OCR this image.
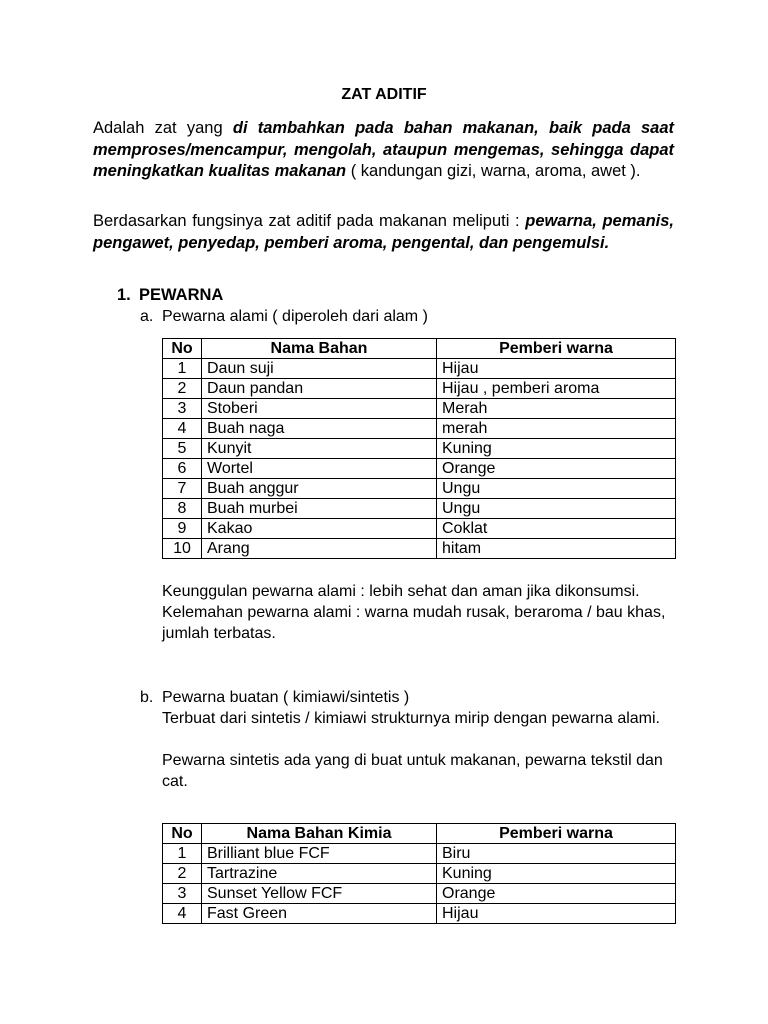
ZAT ADITIF

Adalah zat yang di tambahkan pada bahan makanan, baik pada saat memproses/mencampur, mengolah, ataupun mengemas, sehingga dapat meningkatkan kualitas makanan ( kandungan gizi, warna, aroma, awet ).

Berdasarkan fungsinya zat aditif pada makanan meliputi : pewarna, pemanis, pengawet, penyedap, pemberi aroma, pengental, dan pengemulsi.

1. PEWARNA
a. Pewarna alami ( diperoleh dari alam )
No	Nama Bahan	Pemberi warna
1	Daun suji	Hijau
2	Daun pandan	Hijau , pemberi aroma
3	Stoberi	Merah
4	Buah naga	merah
5	Kunyit	Kuning
6	Wortel	Orange
7	Buah anggur	Ungu
8	Buah murbei	Ungu
9	Kakao	Coklat
10	Arang	hitam
Keunggulan pewarna alami : lebih sehat dan aman jika dikonsumsi.
Kelemahan pewarna alami : warna mudah rusak, beraroma / bau khas, jumlah terbatas.
b. Pewarna buatan ( kimiawi/sintetis )
Terbuat dari sintetis / kimiawi strukturnya mirip dengan pewarna alami.
Pewarna sintetis ada yang di buat untuk makanan, pewarna tekstil dan cat.
No	Nama Bahan Kimia	Pemberi warna
1	Brilliant blue FCF	Biru
2	Tartrazine	Kuning
3	Sunset Yellow FCF	Orange
4	Fast Green	Hijau
